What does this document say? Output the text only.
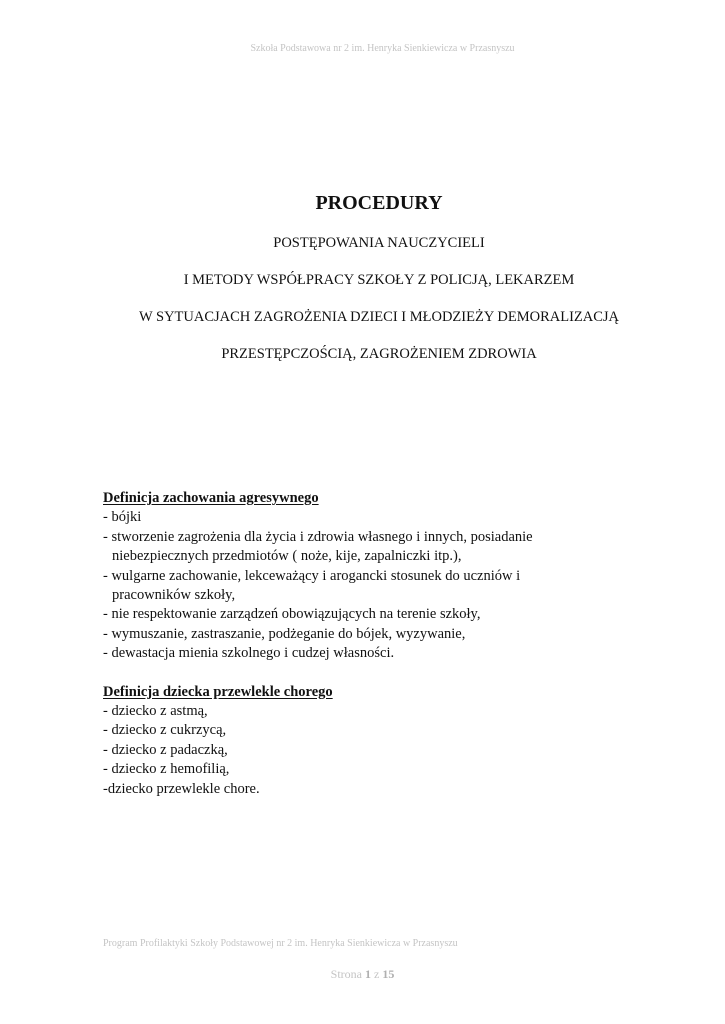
Szkoła Podstawowa nr 2 im. Henryka Sienkiewicza w Przasnyszu
PROCEDURY
POSTĘPOWANIA NAUCZYCIELI
I METODY WSPÓŁPRACY SZKOŁY Z POLICJĄ, LEKARZEM
W SYTUACJACH ZAGROŻENIA DZIECI I MŁODZIEŻY DEMORALIZACJĄ
PRZESTĘPCZOŚCIĄ, ZAGROŻENIEM ZDROWIA
Definicja zachowania agresywnego
- bójki
- stworzenie zagrożenia dla życia i zdrowia własnego i innych, posiadanie niebezpiecznych przedmiotów ( noże, kije, zapalniczki itp.),
- wulgarne zachowanie, lekceważący i arogancki stosunek do uczniów i pracowników szkoły,
- nie respektowanie zarządzeń obowiązujących na terenie szkoły,
- wymuszanie, zastraszanie, podżeganie do bójek, wyzywanie,
- dewastacja mienia szkolnego i cudzej własności.
Definicja dziecka przewlekle chorego
- dziecko z astmą,
- dziecko z cukrzycą,
- dziecko z padaczką,
- dziecko z hemofilią,
-dziecko przewlekle chore.
Program Profilaktyki Szkoły Podstawowej nr 2 im. Henryka Sienkiewicza w Przasnyszu
Strona 1 z 15
